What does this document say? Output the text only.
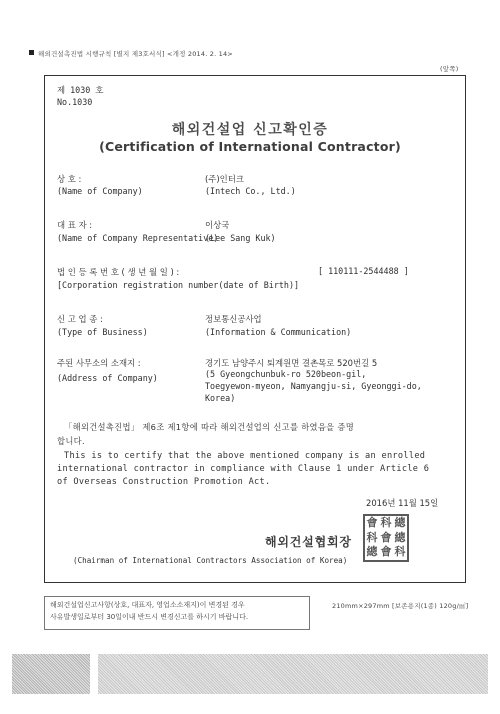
해외건설촉진법 시행규칙 [별지 제3호서식] <개정 2014. 2. 14>
(앞쪽)
제 1030 호
No.1030
해외건설업 신고확인증
(Certification of International Contractor)
상 호 :
(Name of Company)
(주)인터크
(Intech Co., Ltd.)
대 표 자 :
(Name of Company Representative)
이상국
(Lee Sang Kuk)
법 인 등 록 번 호 ( 생 년 월 일 ) :	[ 110111-2544488 ]
[Corporation registration number(date of Birth)]
신 고 업 종 :
(Type of Business)
정보통신공사업
(Information & Communication)
주된 사무소의 소재지 :
(Address of Company)
경기도 남양주시 퇴계원면 결촌목로 520번길 5
(5 Gyeongchunbuk-ro 520beon-gil,
Toegyewon-myeon, Namyangju-si, Gyeonggi-do,
Korea)
「해외건설촉진법」 제6조 제1항에 따라 해외건설업의 신고를 하였음을 증명
합니다.
This is to certify that the above mentioned company is an enrolled
international contractor in compliance with Clause 1 under Article 6
of Overseas Construction Promotion Act.
2016년 11월 15일
해외건설협회장
(Chairman of International Contractors Association of Korea)
會 科 總
科 會 總
總 會 科
해외건설업신고사항(상호, 대표자, 영업소소재지)이 변경된 경우
사유발생일로부터 30일이내 반드시 변경신고를 하시기 바랍니다.
210mm×297mm [보존용지(1종) 120g/㎡]
